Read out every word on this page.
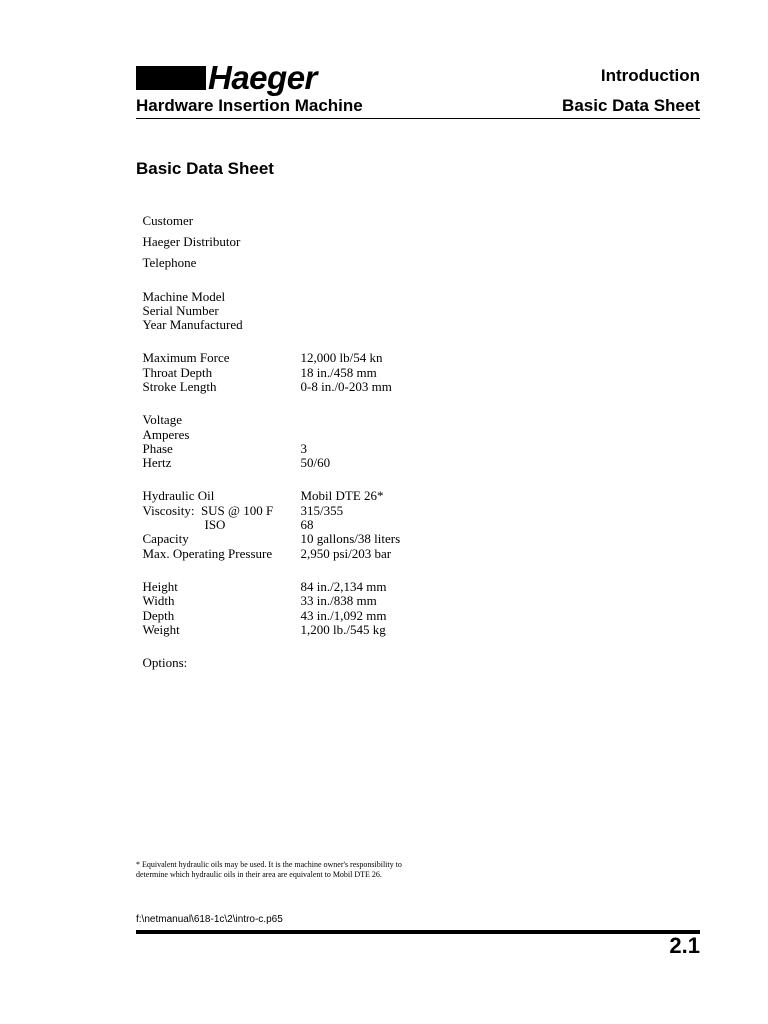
Haeger
Hardware Insertion Machine
Introduction
Basic Data Sheet
Basic Data Sheet

Customer

Haeger Distributor

Telephone

Machine Model

Serial Number

Year Manufactured

Maximum Force	12,000 lb/54 kn

Throat Depth	18 in./458 mm

Stroke Length	0-8 in./0-203 mm

Voltage

Amperes

Phase	3

Hertz	50/60

Hydraulic Oil	Mobil DTE 26*

Viscosity:  SUS @ 100 F 315/355

ISO	68

Capacity	10 gallons/38 liters

Max. Operating Pressure 2,950 psi/203 bar

Height	84 in./2,134 mm

Width	33 in./838 mm

Depth	43 in./1,092 mm

Weight	1,200 lb./545 kg

Options:

* Equivalent hydraulic oils may be used. It is the machine owner's responsibility to determine which hydraulic oils in their area are equivalent to Mobil DTE 26.
f:\netmanual\618-1c\2\intro-c.p65
2.1
